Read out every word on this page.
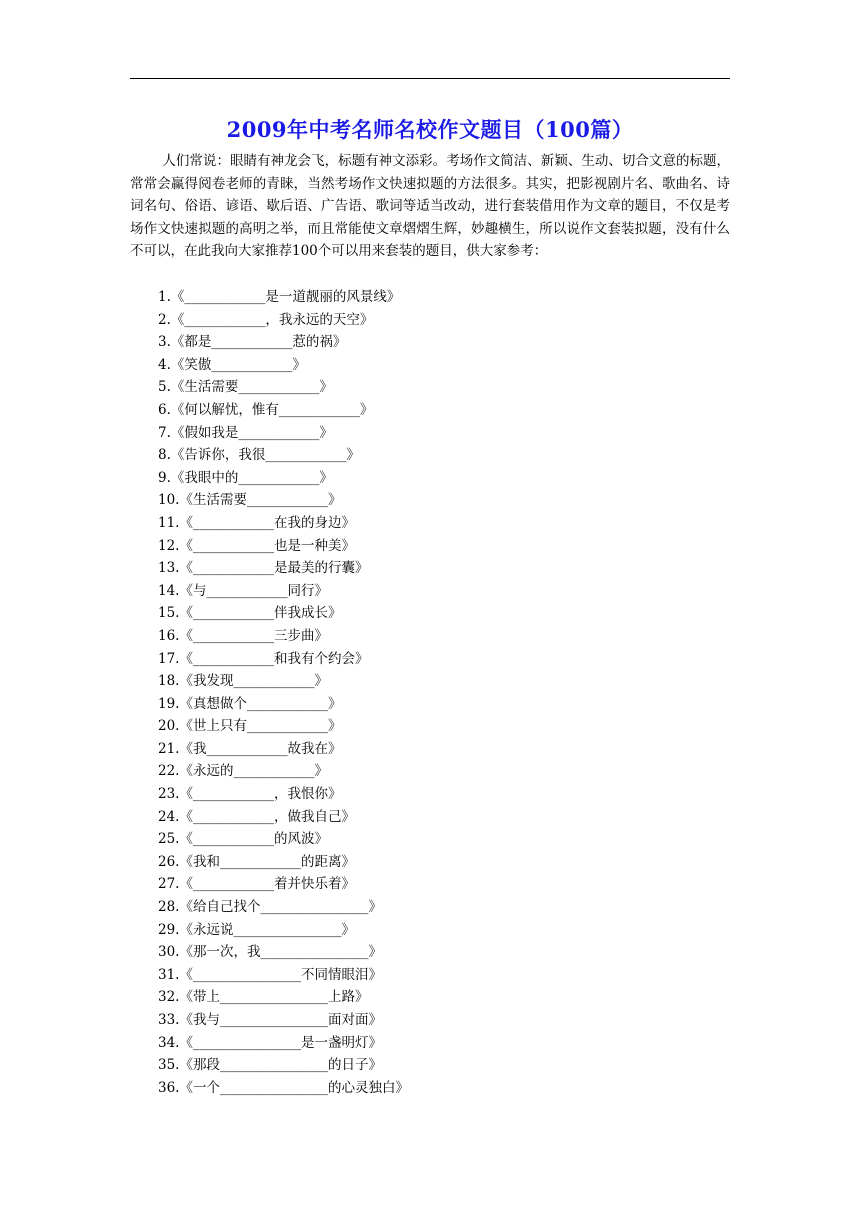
2009年中考名师名校作文题目（100篇）
人们常说：眼睛有神龙会飞，标题有神文添彩。考场作文简洁、新颖、生动、切合文意的标题，常常会赢得阅卷老师的青睐，当然考场作文快速拟题的方法很多。其实，把影视剧片名、歌曲名、诗词名句、俗语、谚语、歇后语、广告语、歌词等适当改动，进行套装借用作为文章的题目，不仅是考场作文快速拟题的高明之举，而且常能使文章熠熠生辉，妙趣横生，所以说作文套装拟题，没有什么不可以，在此我向大家推荐100个可以用来套装的题目，供大家参考：
1.《____________是一道靓丽的风景线》
2.《____________，我永远的天空》
3.《都是____________惹的祸》
4.《笑傲____________》
5.《生活需要____________》
6.《何以解忧，惟有____________》
7.《假如我是____________》
8.《告诉你，我很____________》
9.《我眼中的____________》
10.《生活需要____________》
11.《____________在我的身边》
12.《____________也是一种美》
13.《____________是最美的行囊》
14.《与____________同行》
15.《____________伴我成长》
16.《____________三步曲》
17.《____________和我有个约会》
18.《我发现____________》
19.《真想做个____________》
20.《世上只有____________》
21.《我____________故我在》
22.《永远的____________》
23.《____________，我恨你》
24.《____________，做我自己》
25.《____________的风波》
26.《我和____________的距离》
27.《____________着并快乐着》
28.《给自己找个________________》
29.《永远说________________》
30.《那一次，我________________》
31.《________________不同情眼泪》
32.《带上________________上路》
33.《我与________________面对面》
34.《________________是一盏明灯》
35.《那段________________的日子》
36.《一个________________的心灵独白》
